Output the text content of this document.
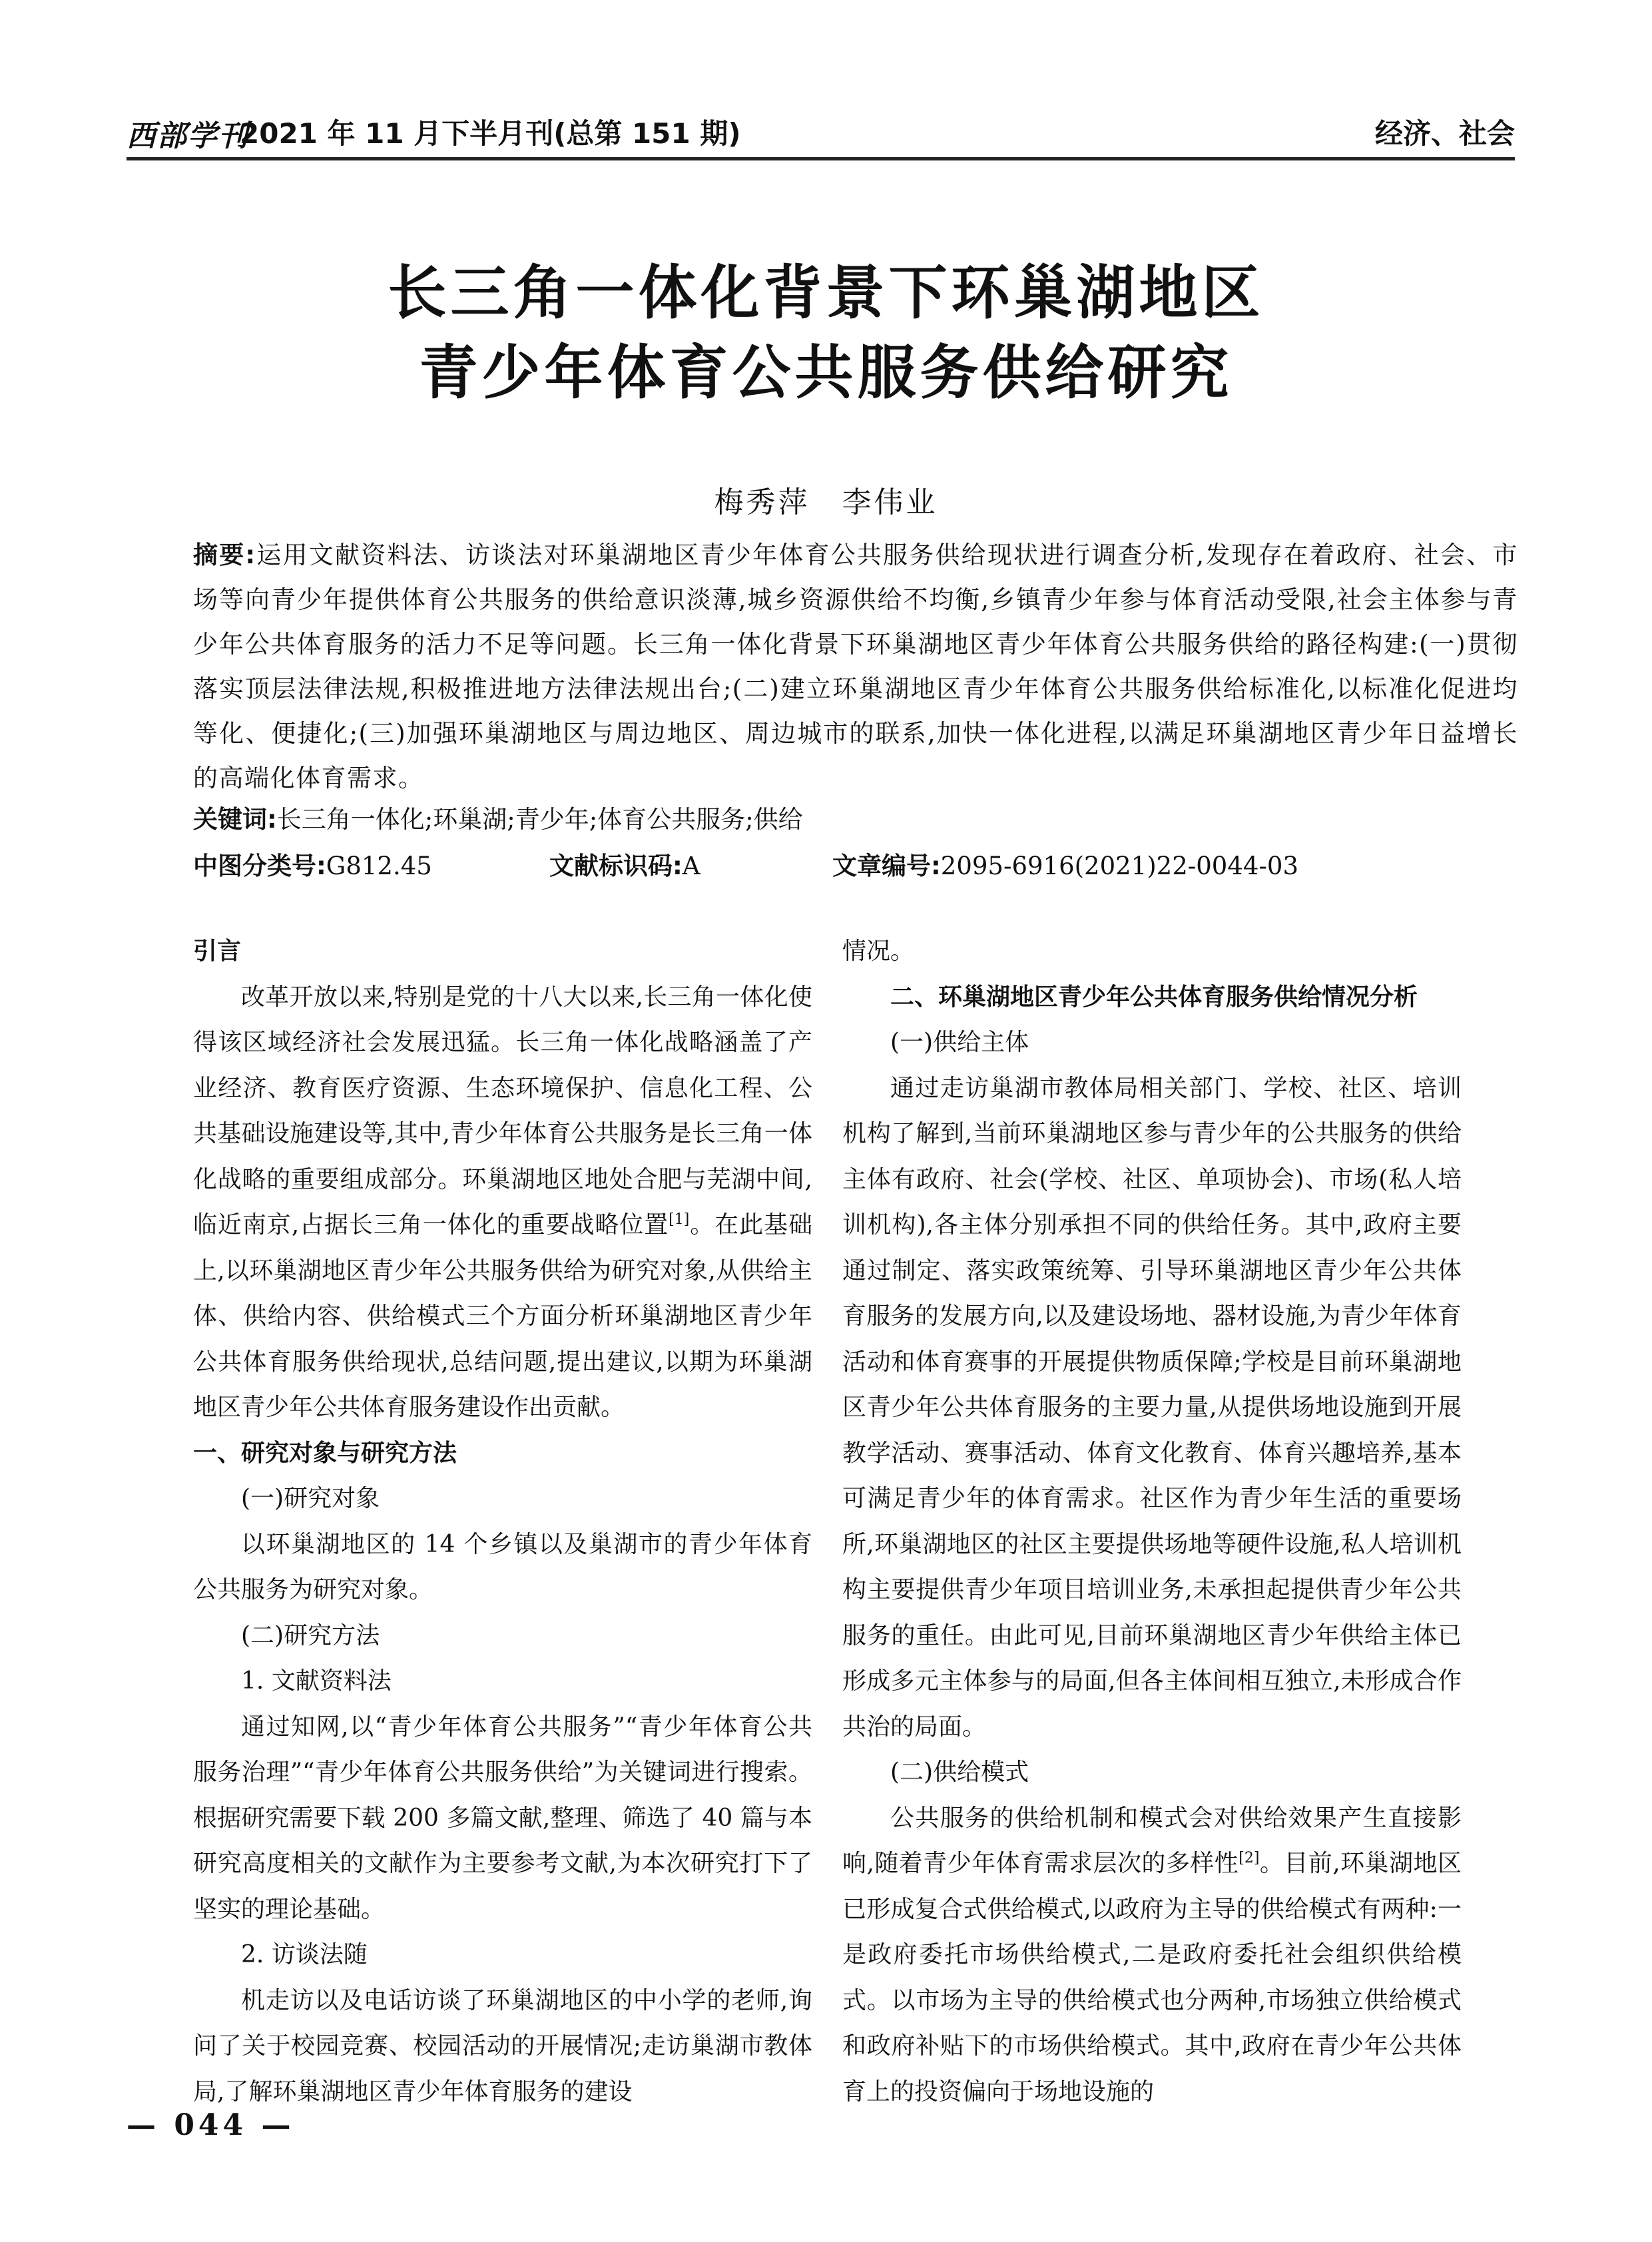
西部学刊
2021 年 11 月下半月刊(总第 151 期)	经济、社会
长三角一体化背景下环巢湖地区
青少年体育公共服务供给研究
梅秀萍　李伟业
摘要:运用文献资料法、访谈法对环巢湖地区青少年体育公共服务供给现状进行调查分析,发现存在着政府、社会、市场等向青少年提供体育公共服务的供给意识淡薄,城乡资源供给不均衡,乡镇青少年参与体育活动受限,社会主体参与青少年公共体育服务的活力不足等问题。长三角一体化背景下环巢湖地区青少年体育公共服务供给的路径构建:(一)贯彻落实顶层法律法规,积极推进地方法律法规出台;(二)建立环巢湖地区青少年体育公共服务供给标准化,以标准化促进均等化、便捷化;(三)加强环巢湖地区与周边地区、周边城市的联系,加快一体化进程,以满足环巢湖地区青少年日益增长的高端化体育需求。
关键词:长三角一体化;环巢湖;青少年;体育公共服务;供给
中图分类号:G812.45	文献标识码:A	文章编号:2095-6916(2021)22-0044-03

引言

改革开放以来,特别是党的十八大以来,长三角一体化使得该区域经济社会发展迅猛。长三角一体化战略涵盖了产业经济、教育医疗资源、生态环境保护、信息化工程、公共基础设施建设等,其中,青少年体育公共服务是长三角一体化战略的重要组成部分。环巢湖地区地处合肥与芜湖中间,临近南京,占据长三角一体化的重要战略位置[1]。在此基础上,以环巢湖地区青少年公共服务供给为研究对象,从供给主体、供给内容、供给模式三个方面分析环巢湖地区青少年公共体育服务供给现状,总结问题,提出建议,以期为环巢湖地区青少年公共体育服务建设作出贡献。

一、研究对象与研究方法

(一)研究对象

以环巢湖地区的 14 个乡镇以及巢湖市的青少年体育公共服务为研究对象。

(二)研究方法

1. 文献资料法

通过知网,以“青少年体育公共服务”“青少年体育公共服务治理”“青少年体育公共服务供给”为关键词进行搜索。根据研究需要下载 200 多篇文献,整理、筛选了 40 篇与本研究高度相关的文献作为主要参考文献,为本次研究打下了坚实的理论基础。

2. 访谈法随

机走访以及电话访谈了环巢湖地区的中小学的老师,询问了关于校园竞赛、校园活动的开展情况;走访巢湖市教体局,了解环巢湖地区青少年体育服务的建设

情况。

二、环巢湖地区青少年公共体育服务供给情况分析

(一)供给主体

通过走访巢湖市教体局相关部门、学校、社区、培训机构了解到,当前环巢湖地区参与青少年的公共服务的供给主体有政府、社会(学校、社区、单项协会)、市场(私人培训机构),各主体分别承担不同的供给任务。其中,政府主要通过制定、落实政策统筹、引导环巢湖地区青少年公共体育服务的发展方向,以及建设场地、器材设施,为青少年体育活动和体育赛事的开展提供物质保障;学校是目前环巢湖地区青少年公共体育服务的主要力量,从提供场地设施到开展教学活动、赛事活动、体育文化教育、体育兴趣培养,基本可满足青少年的体育需求。社区作为青少年生活的重要场所,环巢湖地区的社区主要提供场地等硬件设施,私人培训机构主要提供青少年项目培训业务,未承担起提供青少年公共服务的重任。由此可见,目前环巢湖地区青少年供给主体已形成多元主体参与的局面,但各主体间相互独立,未形成合作共治的局面。

(二)供给模式

公共服务的供给机制和模式会对供给效果产生直接影响,随着青少年体育需求层次的多样性[2]。目前,环巢湖地区已形成复合式供给模式,以政府为主导的供给模式有两种:一是政府委托市场供给模式,二是政府委托社会组织供给模式。以市场为主导的供给模式也分两种,市场独立供给模式和政府补贴下的市场供给模式。其中,政府在青少年公共体育上的投资偏向于场地设施的

— 044 —
